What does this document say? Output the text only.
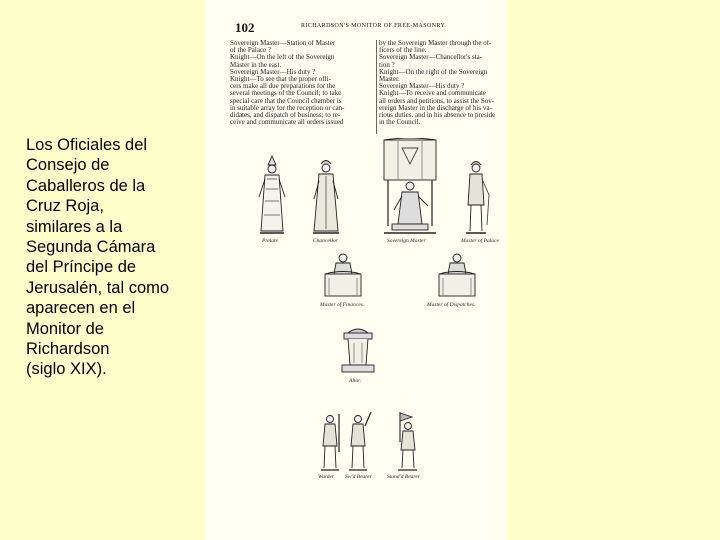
Los Oficiales del
Consejo de
Caballeros de la
Cruz Roja,
similares a la
Segunda Cámara
del Príncipe de
Jerusalén, tal como
aparecen en el
Monitor de
Richardson
(siglo XIX).
102	RICHARDSON'S MONITOR OF FREE-MASONRY.
Sovereign Master—Station of Master
of the Palace ?
Knight—On the left of the Sovereign
Master in the east.
Sovereign Master—His duty ?
Knight—To see that the proper offi-
cers make all due preparations for the
several meetings of the Council; to take
special care that the Council chamber is
in suitable array for the reception or can-
didates, and dispatch of business; to re-
ceive and communicate all orders issued
by the Sovereign Master through the of-
ficers of the line.
Sovereign Master—Chancellor's sta-
tion ?
Knight—On the right of the Sovereign
Master.
Sovereign Master—His duty ?
Knight—To receive and communicate
all orders and petitions, to assist the Sov-
ereign Master in the discharge of his va-
rious duties, and in his absence to preside
in the Council.
Prelate	Chancellor	Sovereign Master	Master of Palace
Master of Finances.	Master of Dispatches.
Altar.
Warder Sw'd Bearer	Stand'd Bearer
